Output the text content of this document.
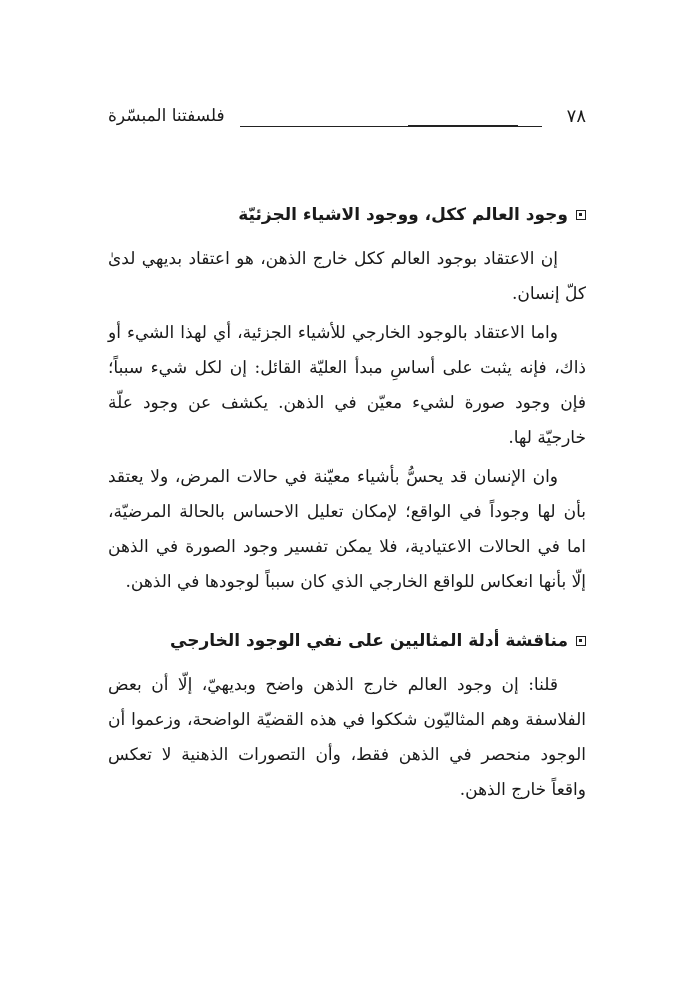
٧٨
فلسفتنا المبسّرة
وجود العالم ككل، ووجود الاشياء الجزئيّة

إن الاعتقاد بوجود العالم ككل خارج الذهن، هو اعتقاد بديهي لدىٰ كلّ إنسان.

واما الاعتقاد بالوجود الخارجي للأشياء الجزئية، أي لهذا الشيء أو ذاك، فإنه يثبت على أساسِ مبدأ العليّة القائل: إن لكل شيء سبباً؛ فإن وجود صورة لشيء معيّن في الذهن. يكشف عن وجود علّة خارجيّة لها.

وان الإنسان قد يحسُّ بأشياء معيّنة في حالات المرض، ولا يعتقد بأن لها وجوداً في الواقع؛ لإمكان تعليل الاحساس بالحالة المرضيّة، اما في الحالات الاعتيادية، فلا يمكن تفسير وجود الصورة في الذهن إلّا بأنها انعكاس للواقع الخارجي الذي كان سبباً لوجودها في الذهن.

مناقشة أدلة المثاليين على نفي الوجود الخارجي

قلنا: إن وجود العالم خارج الذهن واضح وبديهيّ، إلّا أن بعض الفلاسفة وهم المثاليّون شككوا في هذه القضيّة الواضحة، وزعموا أن الوجود منحصر في الذهن فقط، وأن التصورات الذهنية لا تعكس واقعاً خارج الذهن.
